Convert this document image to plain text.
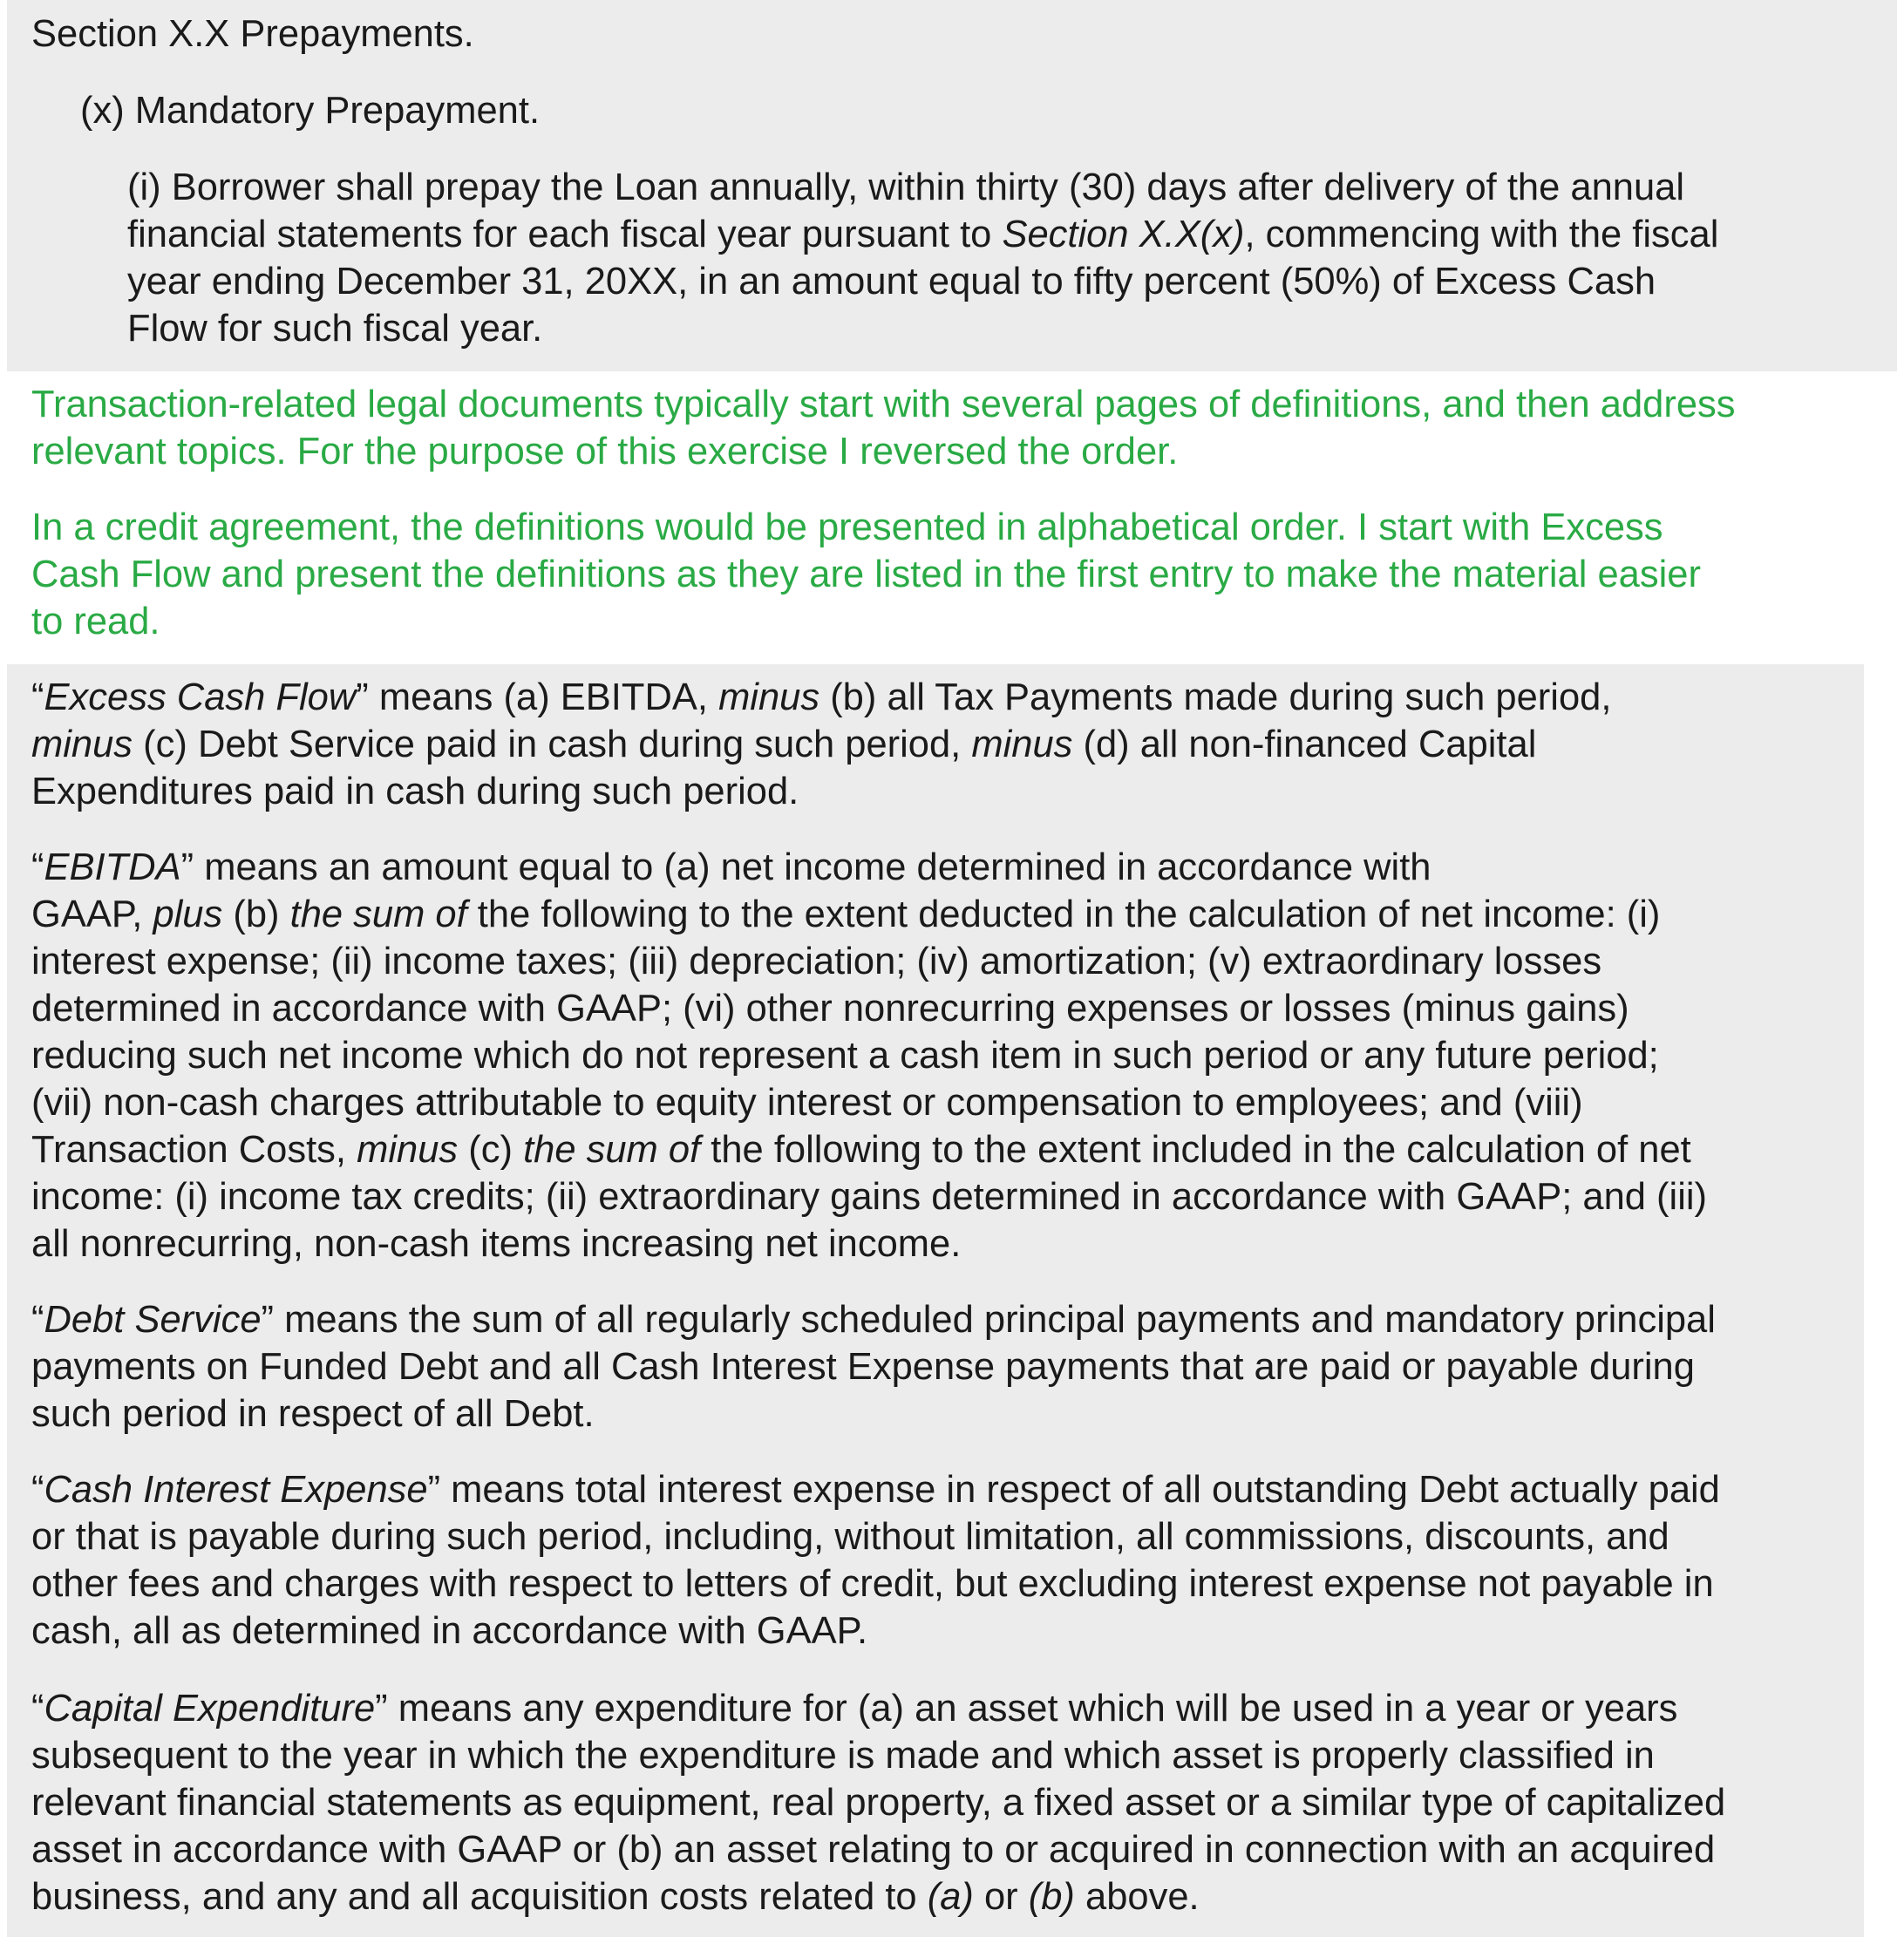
Section X.X Prepayments.

(x) Mandatory Prepayment.

(i) Borrower shall prepay the Loan annually, within thirty (30) days after delivery of the annual
financial statements for each fiscal year pursuant to Section X.X(x), commencing with the fiscal
year ending December 31, 20XX, in an amount equal to fifty percent (50%) of Excess Cash
Flow for such fiscal year.

Transaction-related legal documents typically start with several pages of definitions, and then address
relevant topics. For the purpose of this exercise I reversed the order.

In a credit agreement, the definitions would be presented in alphabetical order. I start with Excess
Cash Flow and present the definitions as they are listed in the first entry to make the material easier
to read.

“Excess Cash Flow” means (a) EBITDA, minus (b) all Tax Payments made during such period,
minus (c) Debt Service paid in cash during such period, minus (d) all non-financed Capital
Expenditures paid in cash during such period.

“EBITDA” means an amount equal to (a) net income determined in accordance with
GAAP, plus (b) the sum of the following to the extent deducted in the calculation of net income: (i)
interest expense; (ii) income taxes; (iii) depreciation; (iv) amortization; (v) extraordinary losses
determined in accordance with GAAP; (vi) other nonrecurring expenses or losses (minus gains)
reducing such net income which do not represent a cash item in such period or any future period;
(vii) non-cash charges attributable to equity interest or compensation to employees; and (viii)
Transaction Costs, minus (c) the sum of the following to the extent included in the calculation of net
income: (i) income tax credits; (ii) extraordinary gains determined in accordance with GAAP; and (iii)
all nonrecurring, non-cash items increasing net income.

“Debt Service” means the sum of all regularly scheduled principal payments and mandatory principal
payments on Funded Debt and all Cash Interest Expense payments that are paid or payable during
such period in respect of all Debt.

“Cash Interest Expense” means total interest expense in respect of all outstanding Debt actually paid
or that is payable during such period, including, without limitation, all commissions, discounts, and
other fees and charges with respect to letters of credit, but excluding interest expense not payable in
cash, all as determined in accordance with GAAP.

“Capital Expenditure” means any expenditure for (a) an asset which will be used in a year or years
subsequent to the year in which the expenditure is made and which asset is properly classified in
relevant financial statements as equipment, real property, a fixed asset or a similar type of capitalized
asset in accordance with GAAP or (b) an asset relating to or acquired in connection with an acquired
business, and any and all acquisition costs related to (a) or (b) above.
